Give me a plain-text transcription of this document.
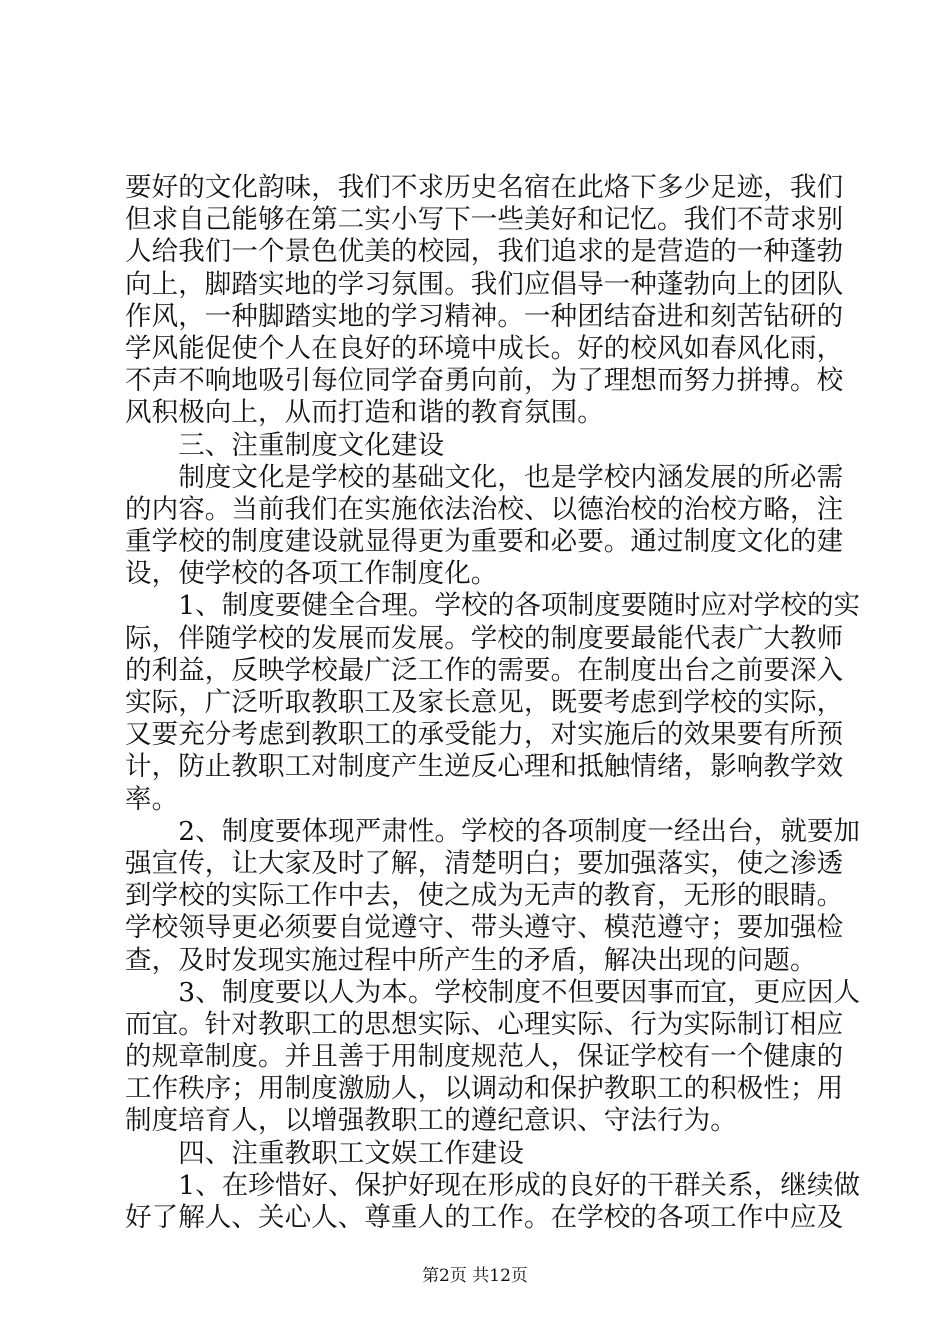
要好的文化韵味，我们不求历史名宿在此烙下多少足迹，我们
但求自己能够在第二实小写下一些美好和记忆。我们不苛求别
人给我们一个景色优美的校园，我们追求的是营造的一种蓬勃
向上，脚踏实地的学习氛围。我们应倡导一种蓬勃向上的团队
作风，一种脚踏实地的学习精神。一种团结奋进和刻苦钻研的
学风能促使个人在良好的环境中成长。好的校风如春风化雨，
不声不响地吸引每位同学奋勇向前，为了理想而努力拼搏。校
风积极向上，从而打造和谐的教育氛围。
　　三、注重制度文化建设
　　制度文化是学校的基础文化，也是学校内涵发展的所必需
的内容。当前我们在实施依法治校、以德治校的治校方略，注
重学校的制度建设就显得更为重要和必要。通过制度文化的建
设，使学校的各项工作制度化。
　　1、制度要健全合理。学校的各项制度要随时应对学校的实
际，伴随学校的发展而发展。学校的制度要最能代表广大教师
的利益，反映学校最广泛工作的需要。在制度出台之前要深入
实际，广泛听取教职工及家长意见，既要考虑到学校的实际，
又要充分考虑到教职工的承受能力，对实施后的效果要有所预
计，防止教职工对制度产生逆反心理和抵触情绪，影响教学效
率。
　　2、制度要体现严肃性。学校的各项制度一经出台，就要加
强宣传，让大家及时了解，清楚明白；要加强落实，使之渗透
到学校的实际工作中去，使之成为无声的教育，无形的眼睛。
学校领导更必须要自觉遵守、带头遵守、模范遵守；要加强检
查，及时发现实施过程中所产生的矛盾，解决出现的问题。
　　3、制度要以人为本。学校制度不但要因事而宜，更应因人
而宜。针对教职工的思想实际、心理实际、行为实际制订相应
的规章制度。并且善于用制度规范人，保证学校有一个健康的
工作秩序；用制度激励人，以调动和保护教职工的积极性；用
制度培育人，以增强教职工的遵纪意识、守法行为。
　　四、注重教职工文娱工作建设
　　1、在珍惜好、保护好现在形成的良好的干群关系，继续做
好了解人、关心人、尊重人的工作。在学校的各项工作中应及
第2页 共12页
